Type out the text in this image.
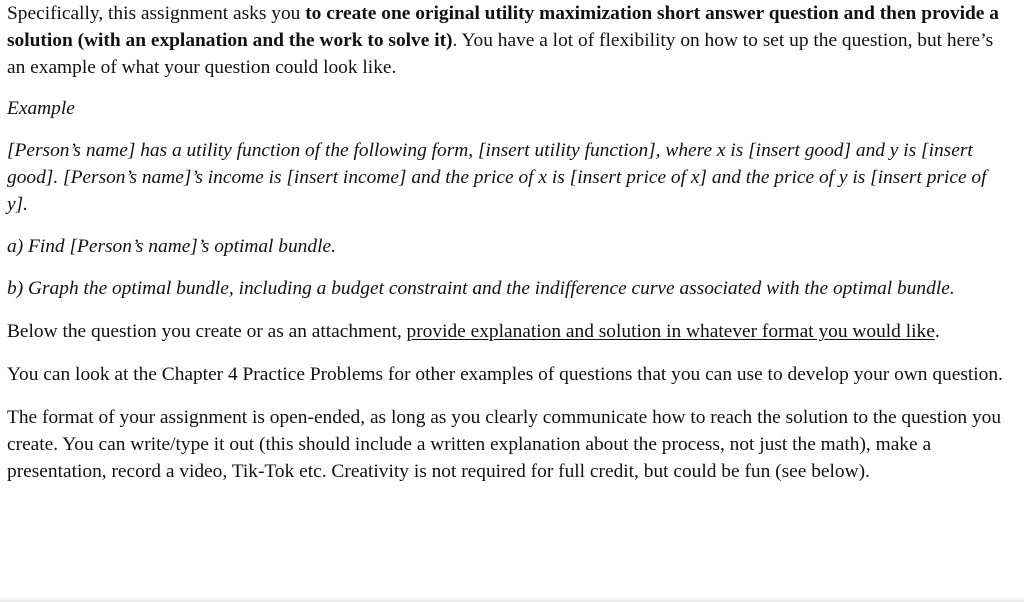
Specifically, this assignment asks you to create one original utility maximization short answer question and then provide a solution (with an explanation and the work to solve it). You have a lot of flexibility on how to set up the question, but here’s an example of what your question could look like.

Example

[Person’s name] has a utility function of the following form, [insert utility function], where x is [insert good] and y is [insert good]. [Person’s name]’s income is [insert income] and the price of x is [insert price of x] and the price of y is [insert price of y].

a) Find [Person’s name]’s optimal bundle.

b) Graph the optimal bundle, including a budget constraint and the indifference curve associated with the optimal bundle.

Below the question you create or as an attachment, provide explanation and solution in whatever format you would like.

You can look at the Chapter 4 Practice Problems for other examples of questions that you can use to develop your own question.

The format of your assignment is open-ended, as long as you clearly communicate how to reach the solution to the question you create. You can write/type it out (this should include a written explanation about the process, not just the math), make a presentation, record a video, Tik-Tok etc. Creativity is not required for full credit, but could be fun (see below).
